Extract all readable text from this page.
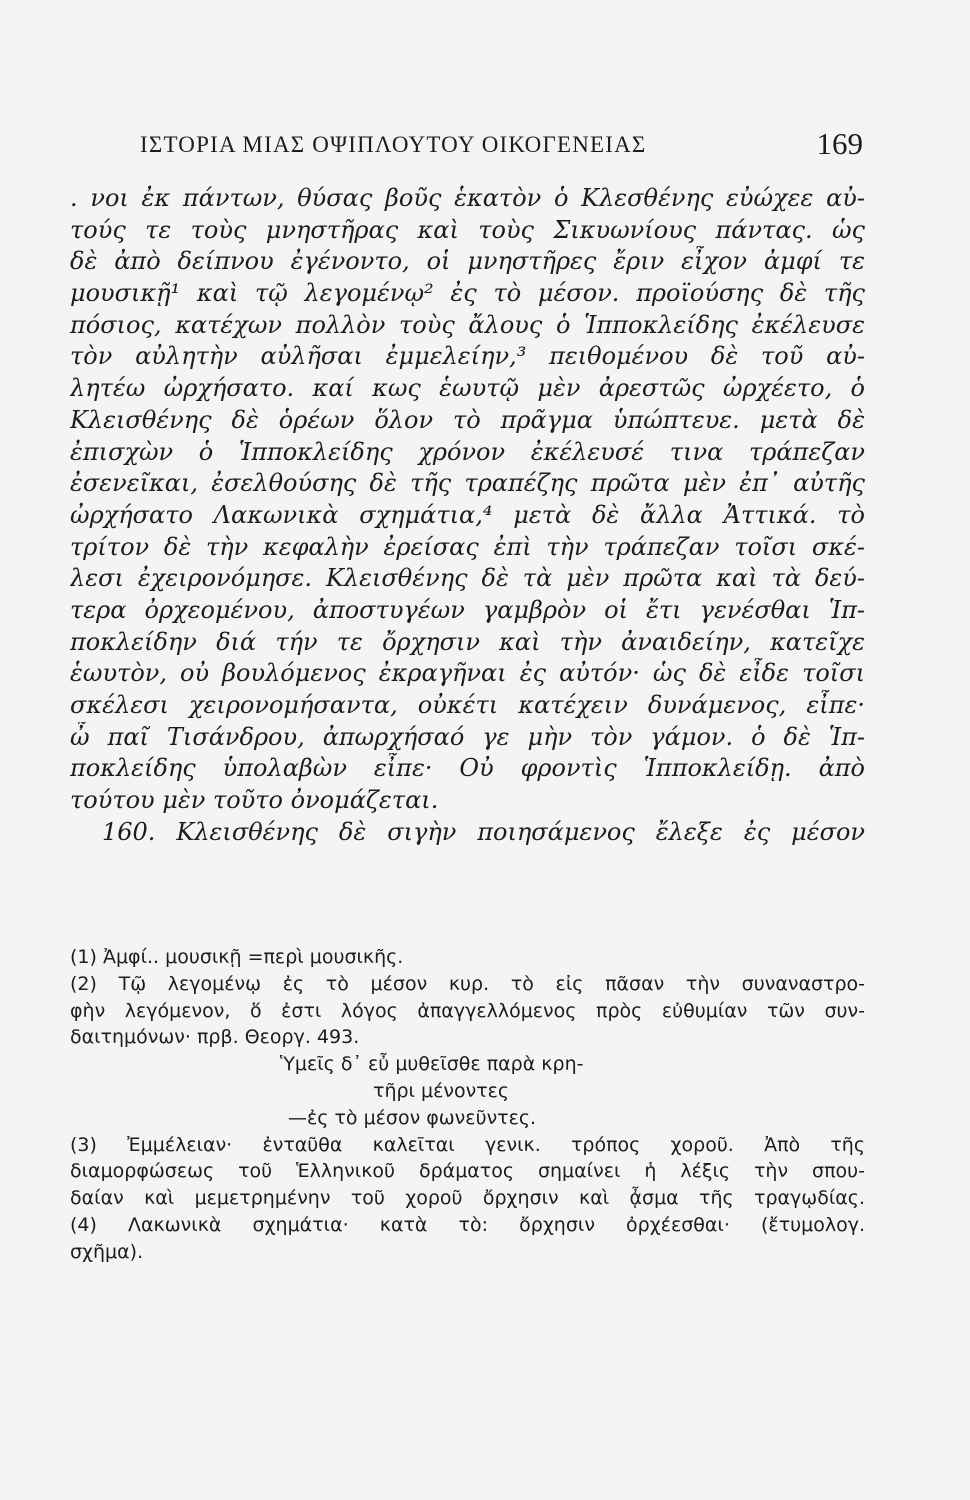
ΙΣΤΟΡΙΑ ΜΙΑΣ ΟΨΙΠΛΟΥΤΟΥ ΟΙΚΟΓΕΝΕΙΑΣ	169
. νοι ἐκ πάντων, θύσας βοῦς ἑκατὸν ὁ Κλεσθένης εὐώχεε αὐ-
τούς τε τοὺς μνηστῆρας καὶ τοὺς Σικυωνίους πάντας. ὡς
δὲ ἀπὸ δείπνου ἐγένοντο, οἱ μνηστῆρες ἔριν εἶχον ἀμφί τε
μουσικῇ¹ καὶ τῷ λεγομένῳ² ἐς τὸ μέσον. προϊούσης δὲ τῆς
πόσιος, κατέχων πολλὸν τοὺς ἄλους ὁ Ἱπποκλείδης ἐκέλευσε
τὸν αὐλητὴν αὐλῆσαι ἐμμελείην,³ πειθομένου δὲ τοῦ αὐ-
λητέω ὠρχήσατο. καί κως ἑωυτῷ μὲν ἀρεστῶς ὠρχέετο, ὁ
Κλεισθένης δὲ ὁρέων ὅλον τὸ πρᾶγμα ὑπώπτευε. μετὰ δὲ
ἐπισχὼν ὁ Ἱπποκλείδης χρόνον ἐκέλευσέ τινα τράπεζαν
ἐσενεῖκαι, ἐσελθούσης δὲ τῆς τραπέζης πρῶτα μὲν ἐπ᾽ αὐτῆς
ὠρχήσατο Λακωνικὰ σχημάτια,⁴ μετὰ δὲ ἄλλα Ἀττικά. τὸ
τρίτον δὲ τὴν κεφαλὴν ἐρείσας ἐπὶ τὴν τράπεζαν τοῖσι σκέ-
λεσι ἐχειρονόμησε. Κλεισθένης δὲ τὰ μὲν πρῶτα καὶ τὰ δεύ-
τερα ὀρχεομένου, ἀποστυγέων γαμβρὸν οἱ ἔτι γενέσθαι Ἱπ-
ποκλείδην διά τήν τε ὄρχησιν καὶ τὴν ἀναιδείην, κατεῖχε
ἑωυτὸν, οὐ βουλόμενος ἐκραγῆναι ἐς αὐτόν· ὡς δὲ εἶδε τοῖσι
σκέλεσι χειρονομήσαντα, οὐκέτι κατέχειν δυνάμενος, εἶπε·
ὦ παῖ Τισάνδρου, ἀπωρχήσαό γε μὴν τὸν γάμον. ὁ δὲ Ἱπ-
ποκλείδης ὑπολαβὼν εἶπε· Οὐ φροντὶς Ἱπποκλείδῃ. ἀπὸ
τούτου μὲν τοῦτο ὀνομάζεται.
160. Κλεισθένης δὲ σιγὴν ποιησάμενος ἔλεξε ἐς μέσον
(1) Ἀμφί.. μουσικῇ =περὶ μουσικῆς.
(2) Τῷ λεγομένῳ ἐς τὸ μέσον κυρ. τὸ εἰς πᾶσαν τὴν συναναστρο-
φὴν λεγόμενον, ὅ ἐστι λόγος ἀπαγγελλόμενος πρὸς εὐθυμίαν τῶν συν-
δαιτημόνων· πρβ. Θεοργ. 493.
Ὑμεῖς δ᾽ εὖ μυθεῖσθε παρὰ κρη-
τῆρι μένοντες
—ἐς τὸ μέσον φωνεῦντες.
(3) Ἐμμέλειαν· ἐνταῦθα καλεῖται γενικ. τρόπος χοροῦ. Ἀπὸ τῆς
διαμορφώσεως τοῦ Ἑλληνικοῦ δράματος σημαίνει ἡ λέξις τὴν σπου-
δαίαν καὶ μεμετρημένην τοῦ χοροῦ ὄρχησιν καὶ ᾆσμα τῆς τραγῳδίας.
(4) Λακωνικὰ σχημάτια· κατὰ τὸ: ὄρχησιν ὀρχέεσθαι· (ἔτυμολογ.
σχῆμα).
